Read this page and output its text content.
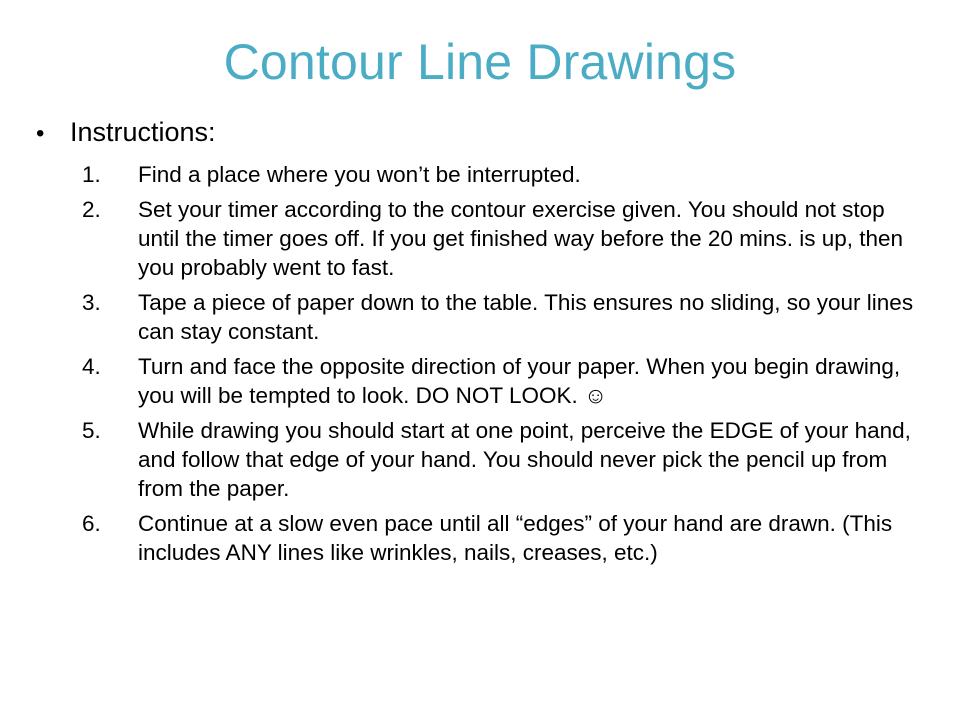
Contour Line Drawings
• Instructions:
1.	Find a place where you won’t be interrupted.
2.	Set your timer according to the contour exercise given. You should not stop until the timer goes off. If you get finished way before the 20 mins. is up, then you probably went to fast.
3.	Tape a piece of paper down to the table. This ensures no sliding, so your lines can stay constant.
4.	Turn and face the opposite direction of your paper. When you begin drawing, you will be tempted to look. DO NOT LOOK. ☺
5.	While drawing you should start at one point, perceive the EDGE of your hand, and follow that edge of your hand. You should never pick the pencil up from from the paper.
6.	Continue at a slow even pace until all “edges” of your hand are drawn. (This includes ANY lines like wrinkles, nails, creases, etc.)
